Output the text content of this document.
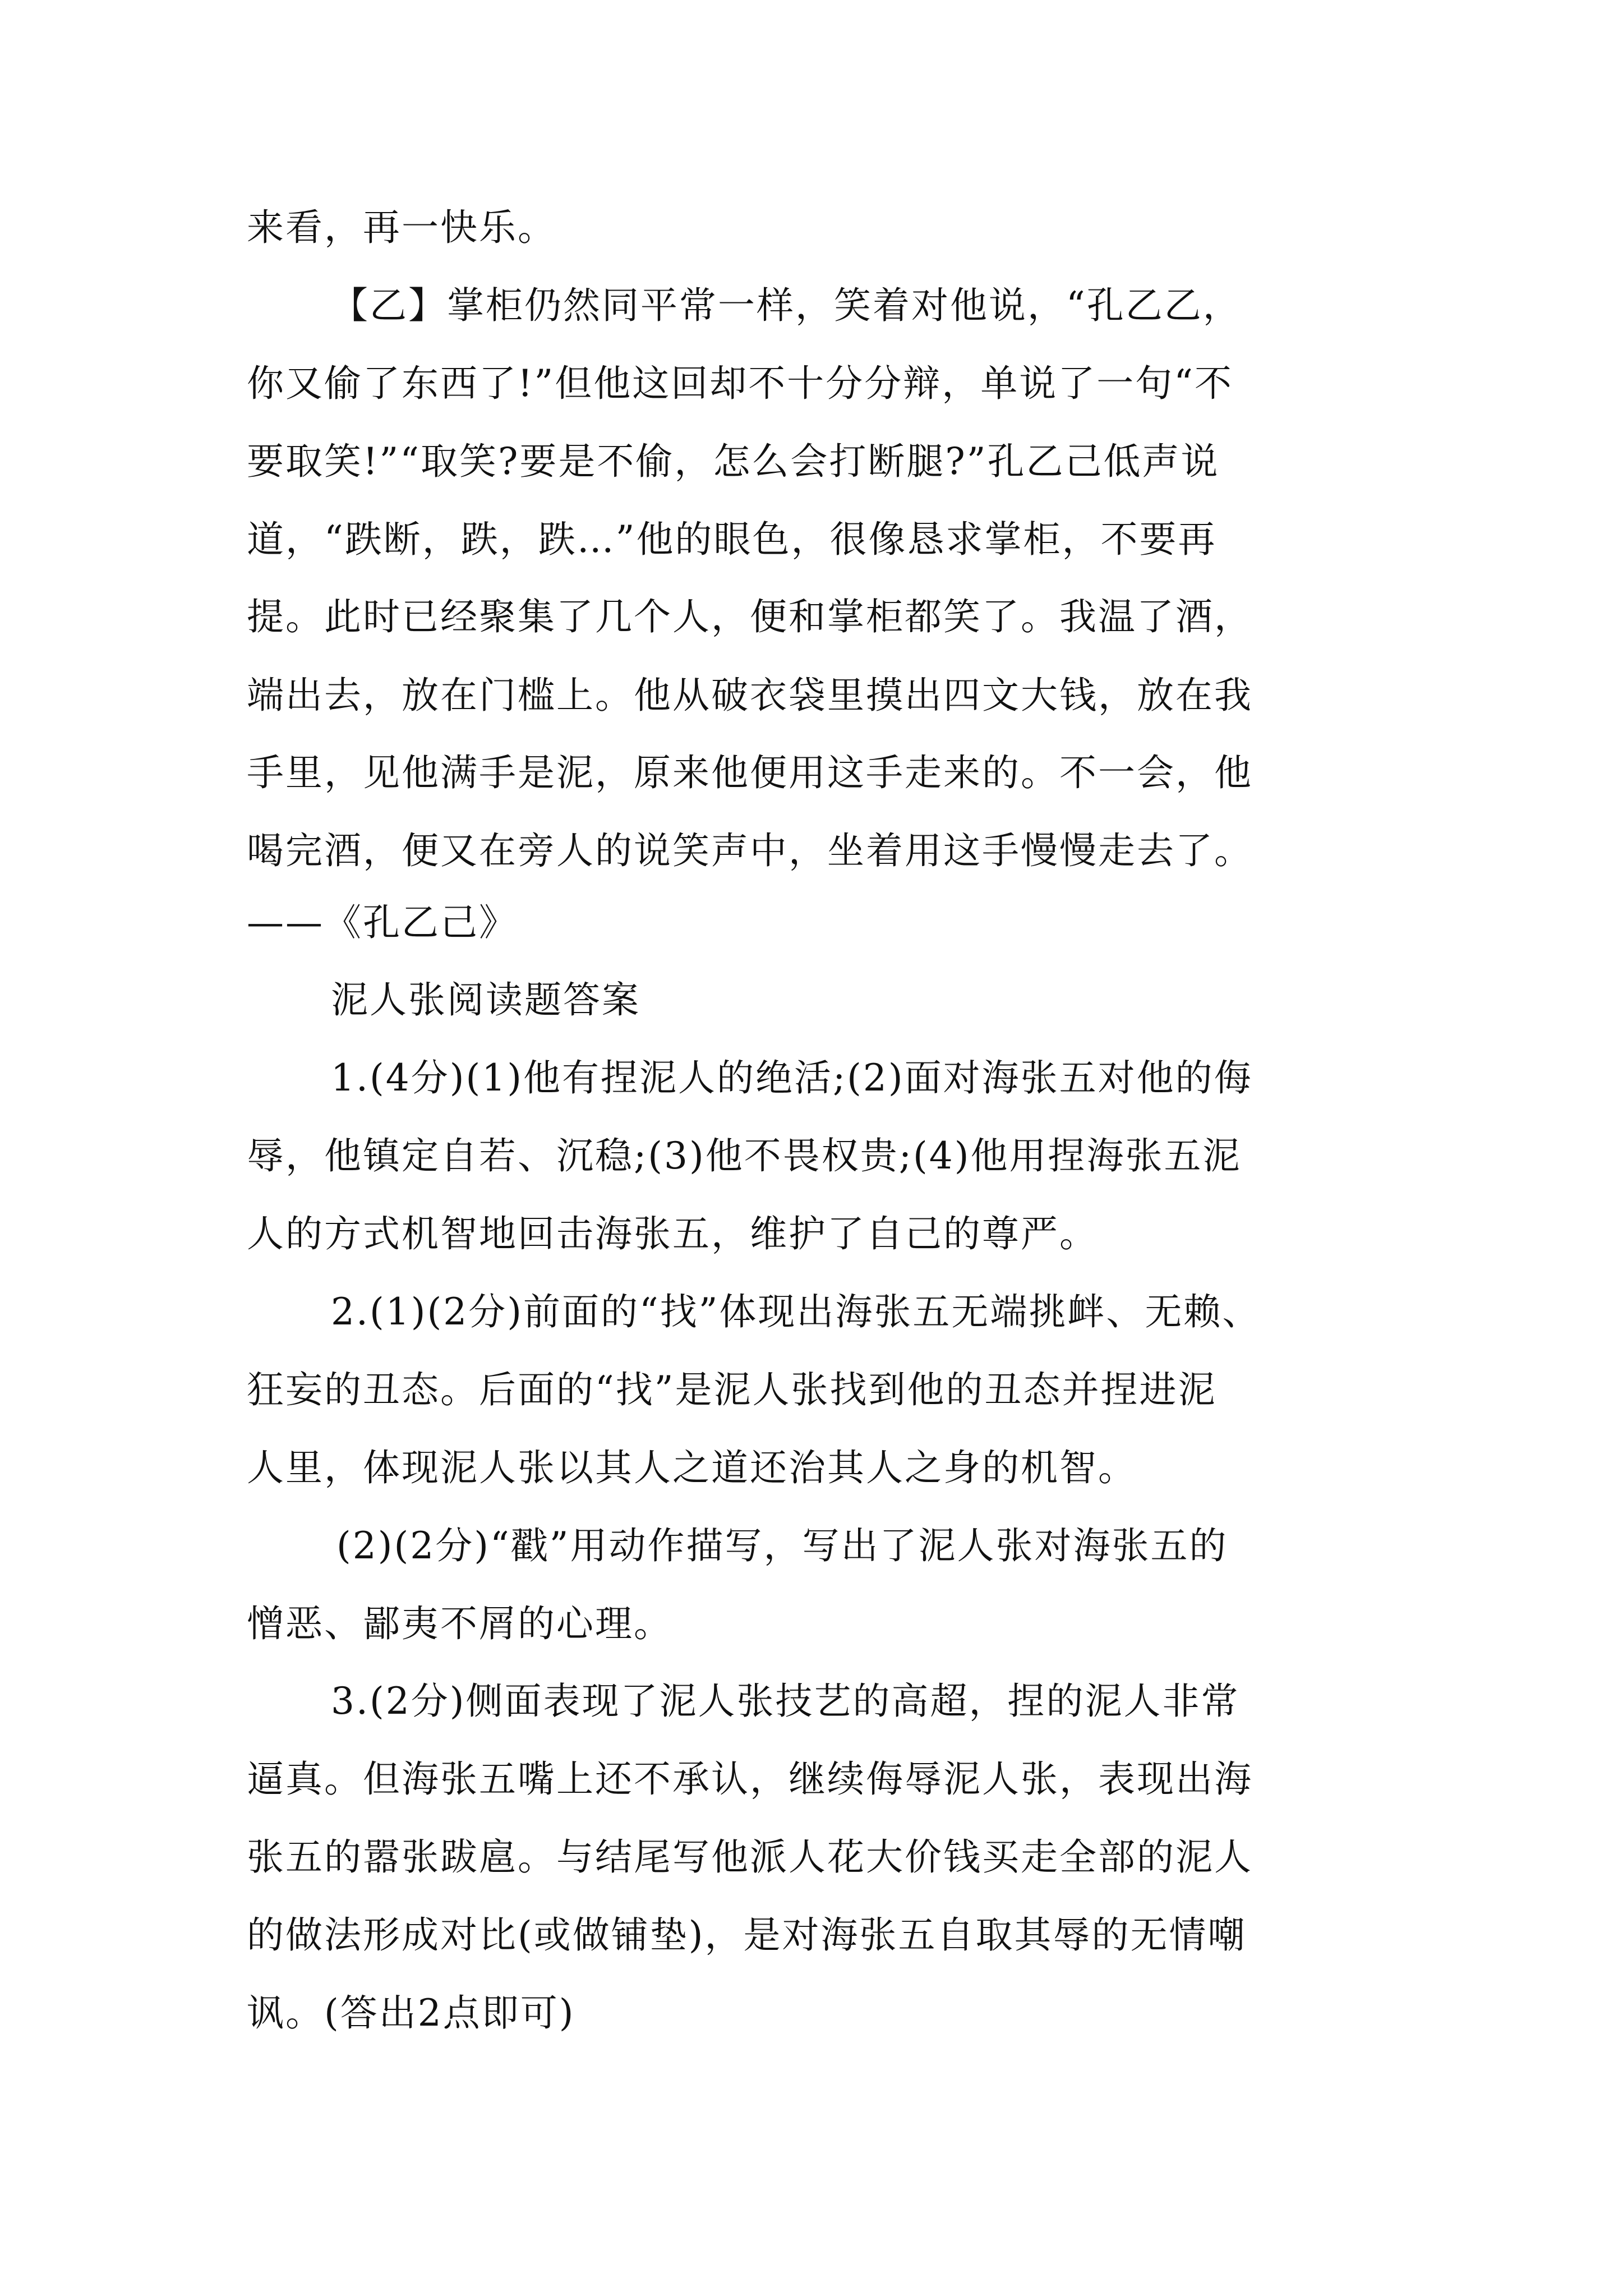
来看，再一快乐。
【乙】掌柜仍然同平常一样，笑着对他说，“孔乙乙，
你又偷了东西了!”但他这回却不十分分辩，单说了一句“不
要取笑!”“取笑?要是不偷，怎么会打断腿?”孔乙己低声说
道，“跌断，跌，跌…”他的眼色，很像恳求掌柜，不要再
提。此时已经聚集了几个人，便和掌柜都笑了。我温了酒，
端出去，放在门槛上。他从破衣袋里摸出四文大钱，放在我
手里，见他满手是泥，原来他便用这手走来的。不一会，他
喝完酒，便又在旁人的说笑声中，坐着用这手慢慢走去了。
——《孔乙己》
泥人张阅读题答案
1.(4分)(1)他有捏泥人的绝活;(2)面对海张五对他的侮
辱，他镇定自若、沉稳;(3)他不畏权贵;(4)他用捏海张五泥
人的方式机智地回击海张五，维护了自己的尊严。
2.(1)(2分)前面的“找”体现出海张五无端挑衅、无赖、
狂妄的丑态。后面的“找”是泥人张找到他的丑态并捏进泥
人里，体现泥人张以其人之道还治其人之身的机智。
(2)(2分)“戳”用动作描写，写出了泥人张对海张五的
憎恶、鄙夷不屑的心理。
3.(2分)侧面表现了泥人张技艺的高超，捏的泥人非常
逼真。但海张五嘴上还不承认，继续侮辱泥人张，表现出海
张五的嚣张跋扈。与结尾写他派人花大价钱买走全部的泥人
的做法形成对比(或做铺垫)，是对海张五自取其辱的无情嘲
讽。(答出2点即可)
